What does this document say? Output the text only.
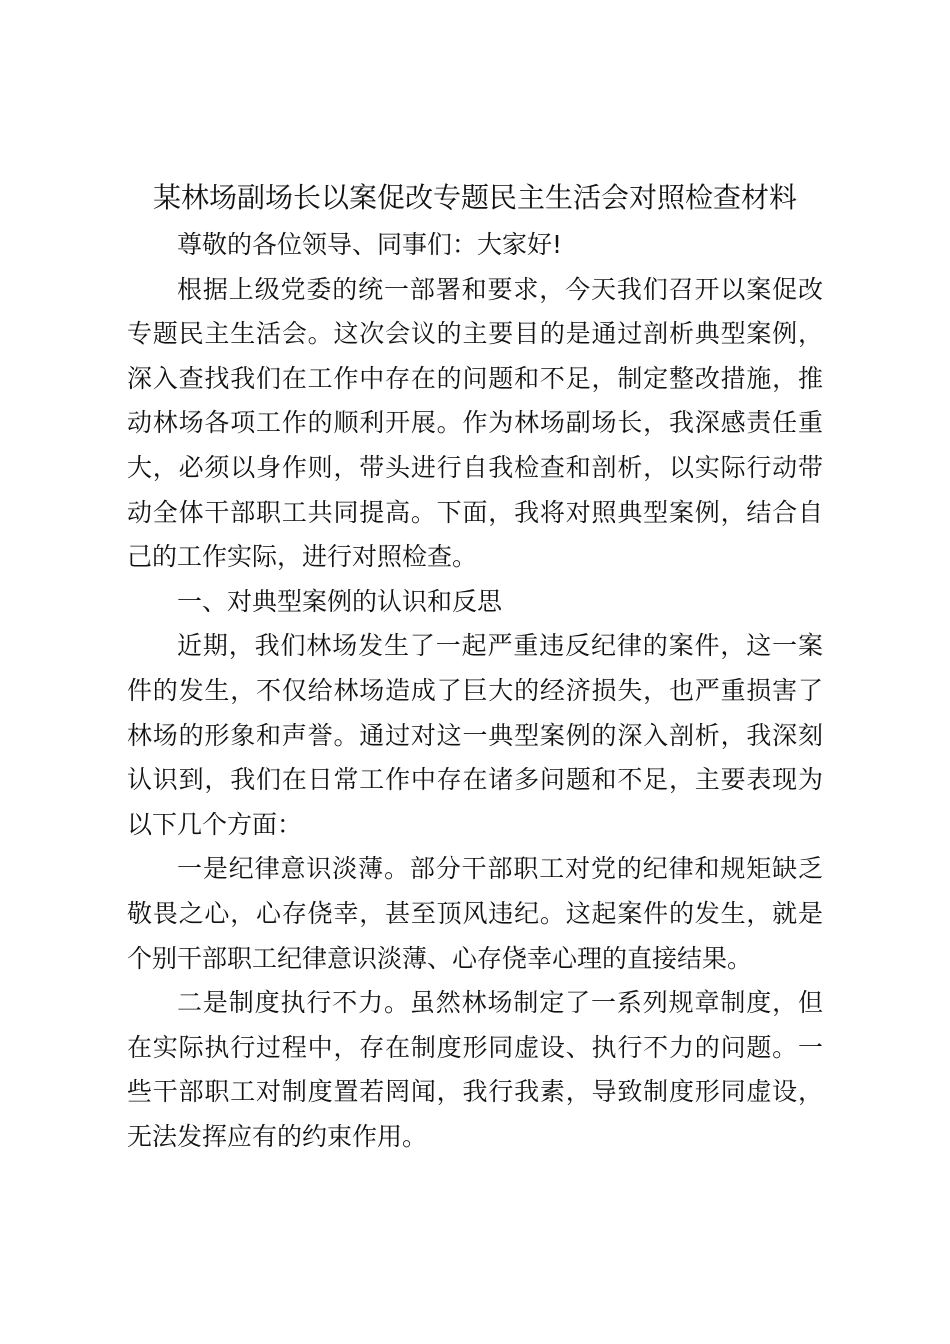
某林场副场长以案促改专题民主生活会对照检查材料

尊敬的各位领导、同事们：大家好!

根据上级党委的统一部署和要求，今天我们召开以案促改专题民主生活会。这次会议的主要目的是通过剖析典型案例，深入查找我们在工作中存在的问题和不足，制定整改措施，推动林场各项工作的顺利开展。作为林场副场长，我深感责任重大，必须以身作则，带头进行自我检查和剖析，以实际行动带动全体干部职工共同提高。下面，我将对照典型案例，结合自己的工作实际，进行对照检查。

一、对典型案例的认识和反思

近期，我们林场发生了一起严重违反纪律的案件，这一案件的发生，不仅给林场造成了巨大的经济损失，也严重损害了林场的形象和声誉。通过对这一典型案例的深入剖析，我深刻认识到，我们在日常工作中存在诸多问题和不足，主要表现为以下几个方面：

一是纪律意识淡薄。部分干部职工对党的纪律和规矩缺乏敬畏之心，心存侥幸，甚至顶风违纪。这起案件的发生，就是个别干部职工纪律意识淡薄、心存侥幸心理的直接结果。

二是制度执行不力。虽然林场制定了一系列规章制度，但在实际执行过程中，存在制度形同虚设、执行不力的问题。一些干部职工对制度置若罔闻，我行我素，导致制度形同虚设，无法发挥应有的约束作用。
